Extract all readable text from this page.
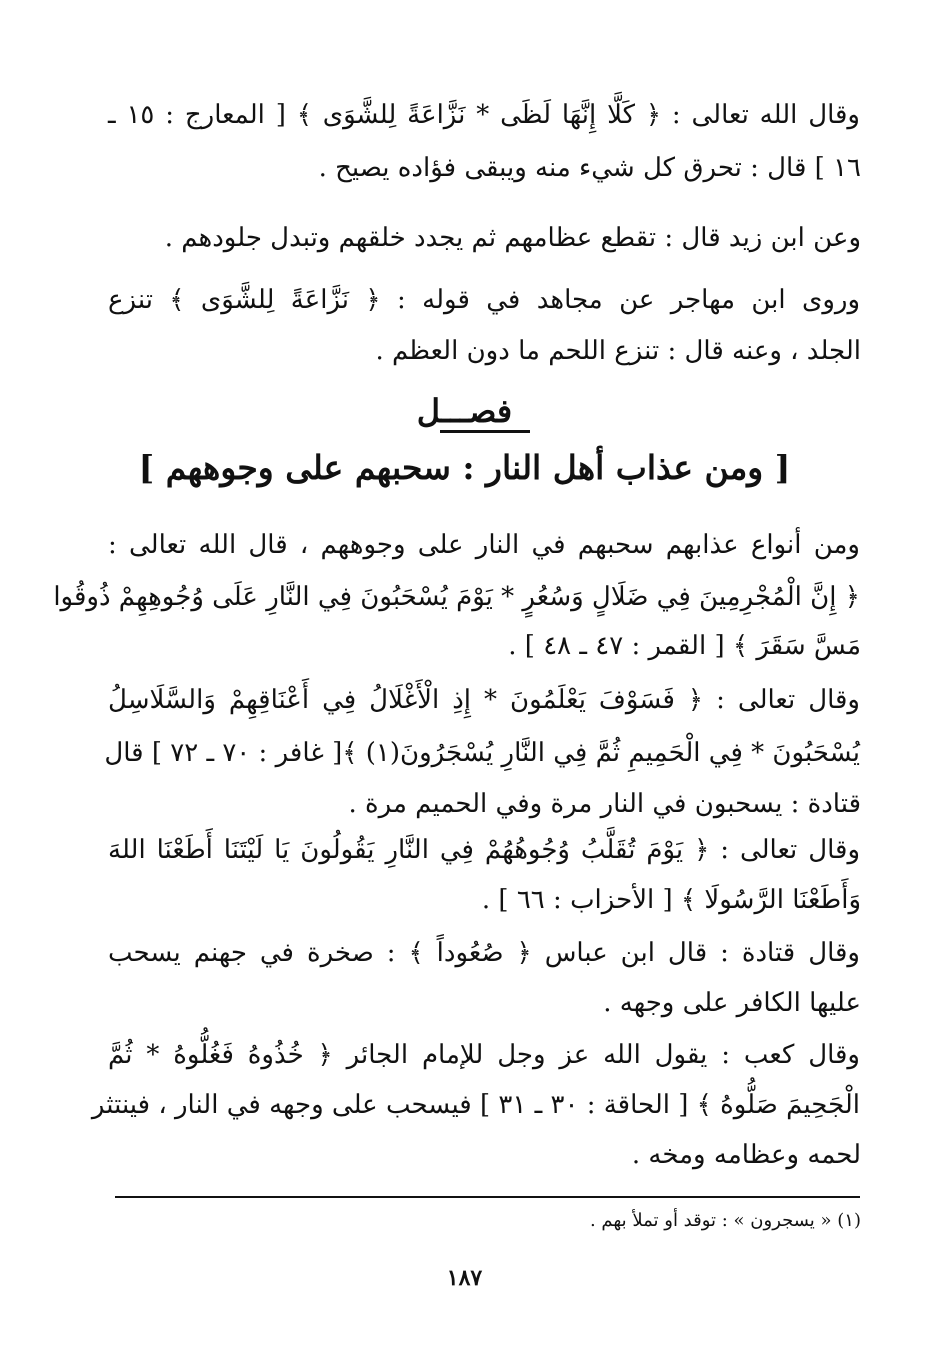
وقال الله تعالى : ﴿ كَلَّا إِنَّهَا لَظَى * نَزَّاعَةً لِلشَّوَى ﴾ [ المعارج : ١٥ ـ
١٦ ] قال : تحرق كل شيء منه ويبقى فؤاده يصيح .
وعن ابن زيد قال : تقطع عظامهم ثم يجدد خلقهم وتبدل جلودهم .
وروى ابن مهاجر عن مجاهد في قوله : ﴿ نَزَّاعَةً لِلشَّوَى ﴾ تنزع
الجلد ، وعنه قال : تنزع اللحم ما دون العظم .
فصـــل
[ ومن عذاب أهل النار : سحبهم على وجوههم ]
ومن أنواع عذابهم سحبهم في النار على وجوههم ، قال الله تعالى :
﴿ إِنَّ الْمُجْرِمِينَ فِي ضَلَالٍ وَسُعُرٍ * يَوْمَ يُسْحَبُونَ فِي النَّارِ عَلَى وُجُوهِهِمْ ذُوقُوا
مَسَّ سَقَرَ ﴾ [ القمر : ٤٧ ـ ٤٨ ] .
وقال تعالى : ﴿ فَسَوْفَ يَعْلَمُونَ * إِذِ الْأَغْلَالُ فِي أَعْنَاقِهِمْ وَالسَّلَاسِلُ
يُسْحَبُونَ * فِي الْحَمِيمِ ثُمَّ فِي النَّارِ يُسْجَرُونَ(١) ﴾[ غافر : ٧٠ ـ ٧٢ ] قال
قتادة : يسحبون في النار مرة وفي الحميم مرة .
وقال تعالى : ﴿ يَوْمَ تُقَلَّبُ وُجُوهُهُمْ فِي النَّارِ يَقُولُونَ يَا لَيْتَنَا أَطَعْنَا اللهَ
وَأَطَعْنَا الرَّسُولَا ﴾ [ الأحزاب : ٦٦ ] .
وقال قتادة : قال ابن عباس ﴿ صُعُوداً ﴾ : صخرة في جهنم يسحب
عليها الكافر على وجهه .
وقال كعب : يقول الله عز وجل للإمام الجائر ﴿ خُذُوهُ فَغُلُّوهُ * ثُمَّ
الْجَحِيمَ صَلُّوهُ ﴾ [ الحاقة : ٣٠ ـ ٣١ ] فيسحب على وجهه في النار ، فينتثر
لحمه وعظامه ومخه .
(١) « يسجرون » : توقد أو تملأ بهم .
١٨٧
